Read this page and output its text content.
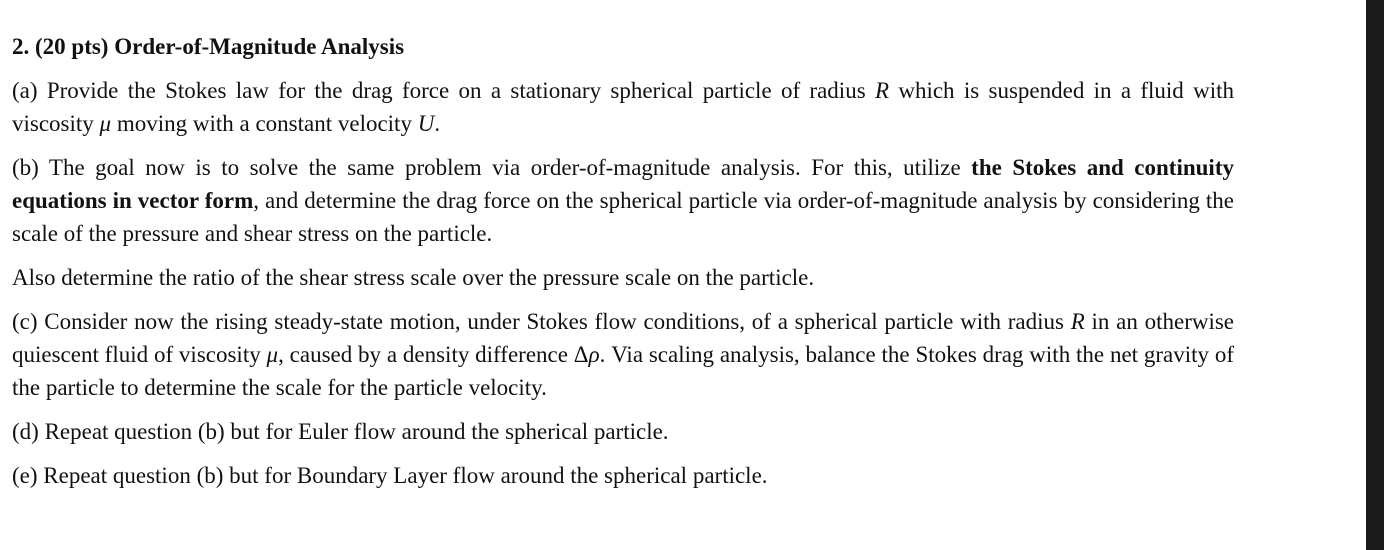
2. (20 pts) Order-of-Magnitude Analysis
(a) Provide the Stokes law for the drag force on a stationary spherical particle of radius R which is suspended in a fluid with viscosity μ moving with a constant velocity U.
(b) The goal now is to solve the same problem via order-of-magnitude analysis. For this, utilize the Stokes and continuity equations in vector form, and determine the drag force on the spherical particle via order-of-magnitude analysis by considering the scale of the pressure and shear stress on the particle.
Also determine the ratio of the shear stress scale over the pressure scale on the particle.
(c) Consider now the rising steady-state motion, under Stokes flow conditions, of a spherical particle with radius R in an otherwise quiescent fluid of viscosity μ, caused by a density difference Δρ. Via scaling analysis, balance the Stokes drag with the net gravity of the particle to determine the scale for the particle velocity.
(d) Repeat question (b) but for Euler flow around the spherical particle.
(e) Repeat question (b) but for Boundary Layer flow around the spherical particle.
